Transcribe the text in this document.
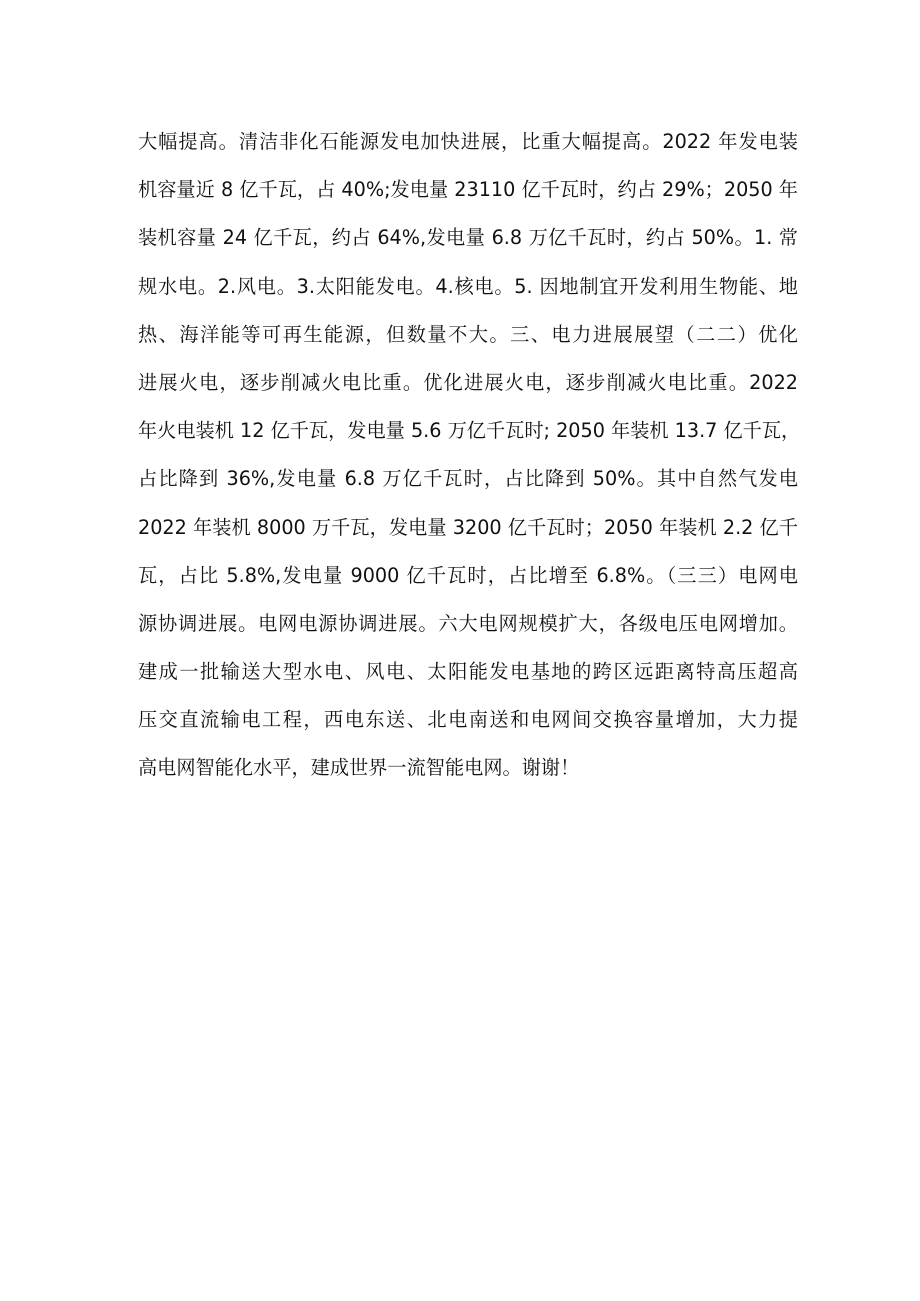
大幅提高。清洁非化石能源发电加快进展，比重大幅提高。2022 年发电装
机容量近 8 亿千瓦，占 40%;发电量 23110 亿千瓦时，约占 29%；2050 年
装机容量 24 亿千瓦，约占 64%,发电量 6.8 万亿千瓦时，约占 50%。1. 常
规水电。2.风电。3.太阳能发电。4.核电。5. 因地制宜开发利用生物能、地
热、海洋能等可再生能源，但数量不大。三、电力进展展望（二二）优化
进展火电，逐步削减火电比重。优化进展火电，逐步削减火电比重。2022
年火电装机 12 亿千瓦，发电量 5.6 万亿千瓦时; 2050 年装机 13.7 亿千瓦，
占比降到 36%,发电量 6.8 万亿千瓦时，占比降到 50%。其中自然气发电
2022 年装机 8000 万千瓦，发电量 3200 亿千瓦时；2050 年装机 2.2 亿千
瓦，占比 5.8%,发电量 9000 亿千瓦时，占比增至 6.8%。（三三）电网电
源协调进展。电网电源协调进展。六大电网规模扩大，各级电压电网增加。
建成一批输送大型水电、风电、太阳能发电基地的跨区远距离特高压超高
压交直流输电工程，西电东送、北电南送和电网间交换容量增加，大力提
高电网智能化水平，建成世界一流智能电网。谢谢！
